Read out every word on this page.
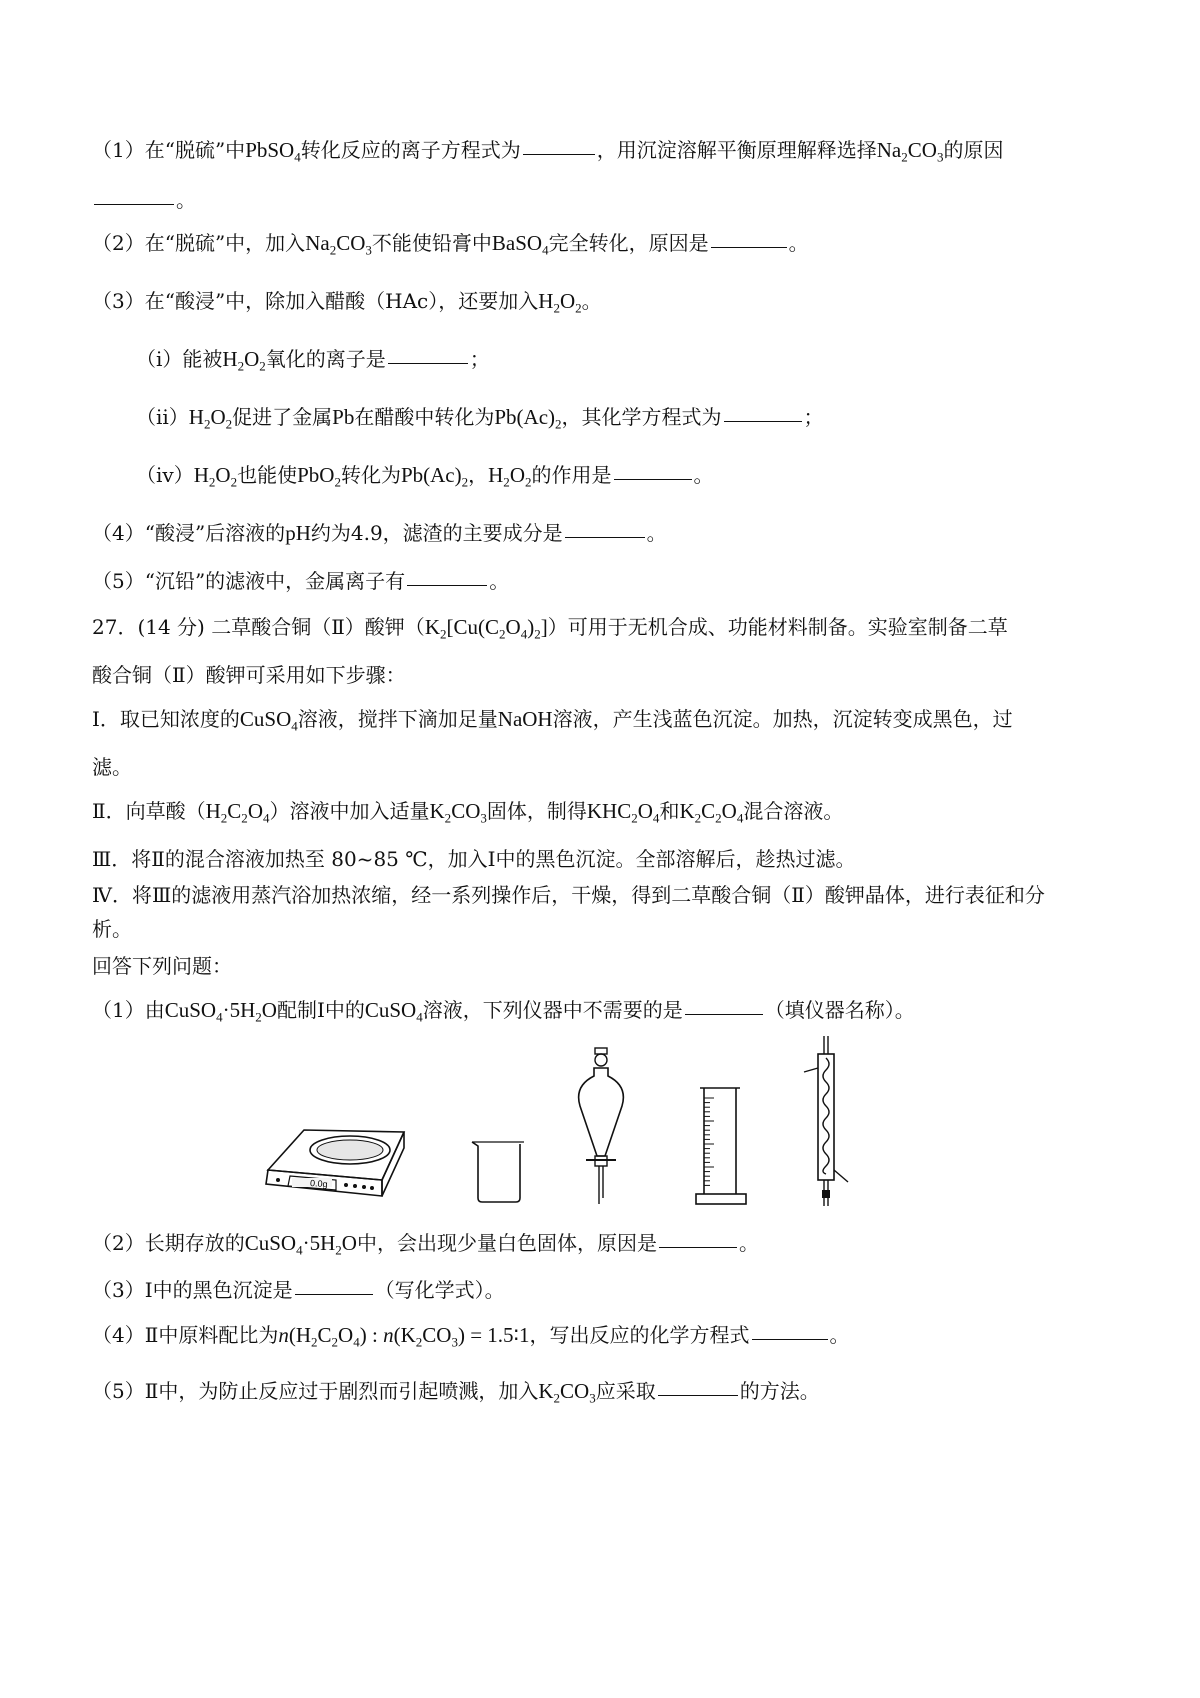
（1）在“脱硫”中PbSO$_4$转化反应的离子方程式为	，用沉淀溶解平衡原理解释选择$Na_2CO_3$的原因
。
（2）在“脱硫”中，加入$Na_2CO_3$不能使铅膏中BaSO$_4$完全转化，原因是	。
（3）在“酸浸”中，除加入醋酸（HAc），还要加入$H_2O_2$。
（ⅰ）能被$H_2O_2$氧化的离子是	；
$(ⅱ)H_2O_2$促进了金属Pb在醋酸中转化为$Pb(Ac)_2$，其化学方程式为	；
$(ⅳ)H_2O_2$也能使PbO$_2$转化为$Pb(Ac)_2$，$H_2O_2$的作用是	。
（4）“酸浸”后溶液的pH约为4.9，滤渣的主要成分是	。
（5）“沉铅”的滤液中，金属离子有	。
27．(14 分) 二草酸合铜（Ⅱ）酸钾$(K_2[Cu(C_2O_4)_2])$可用于无机合成、功能材料制备。实验室制备二草
酸合铜（Ⅱ）酸钾可采用如下步骤：
Ⅰ．取已知浓度的CuSO$_4$溶液，搅拌下滴加足量NaOH溶液，产生浅蓝色沉淀。加热，沉淀转变成黑色，过
滤。
Ⅱ．向草酸$(H_2C_2O_4)$溶液中加入适量$K_2CO_3$固体，制得$KHC_2O_4$和$K_2C_2O_4$混合溶液。
Ⅲ．将Ⅱ的混合溶液加热至 80~85 ℃，加入Ⅰ中的黑色沉淀。全部溶解后，趁热过滤。
Ⅳ．将Ⅲ的滤液用蒸汽浴加热浓缩，经一系列操作后，干燥，得到二草酸合铜（Ⅱ）酸钾晶体，进行表征和分
析。
回答下列问题：
（1）由$CuSO_4\cdot 5H_2O$配制Ⅰ中的CuSO$_4$溶液，下列仪器中不需要的是	（填仪器名称）。
0.0g
（2）长期存放的$CuSO_4\cdot 5H_2O$中，会出现少量白色固体，原因是	。
（3）Ⅰ中的黑色沉淀是	（写化学式）。
（4）Ⅱ中原料配比为$n(H_2C_2O_4)$ : $n(K_2CO_3)$ = 1.5∶1，写出反应的化学方程式	。
（5）Ⅱ中，为防止反应过于剧烈而引起喷溅，加入$K_2CO_3$应采取	的方法。
